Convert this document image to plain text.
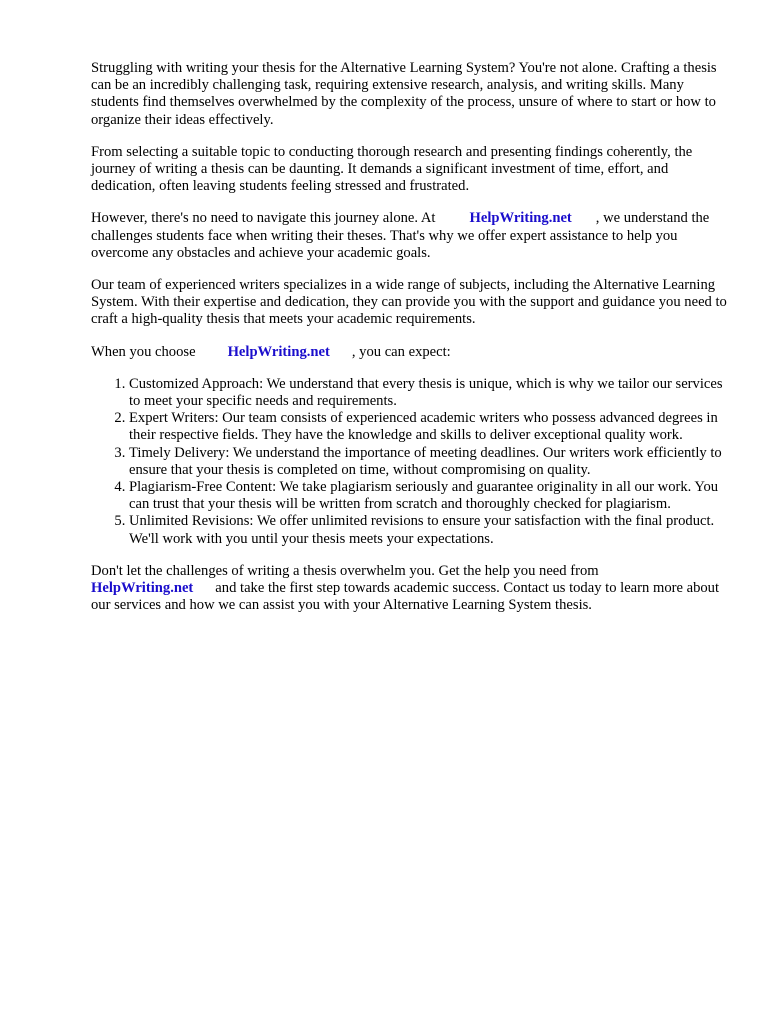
Struggling with writing your thesis for the Alternative Learning System? You're not alone. Crafting a thesis can be an incredibly challenging task, requiring extensive research, analysis, and writing skills. Many students find themselves overwhelmed by the complexity of the process, unsure of where to start or how to organize their ideas effectively.

From selecting a suitable topic to conducting thorough research and presenting findings coherently, the journey of writing a thesis can be daunting. It demands a significant investment of time, effort, and dedication, often leaving students feeling stressed and frustrated.

However, there's no need to navigate this journey alone. At HelpWriting.net , we understand the challenges students face when writing their theses. That's why we offer expert assistance to help you overcome any obstacles and achieve your academic goals.

Our team of experienced writers specializes in a wide range of subjects, including the Alternative Learning System. With their expertise and dedication, they can provide you with the support and guidance you need to craft a high-quality thesis that meets your academic requirements.

When you choose HelpWriting.net , you can expect:

1. Customized Approach: We understand that every thesis is unique, which is why we tailor our services to meet your specific needs and requirements.
2. Expert Writers: Our team consists of experienced academic writers who possess advanced degrees in their respective fields. They have the knowledge and skills to deliver exceptional quality work.
3. Timely Delivery: We understand the importance of meeting deadlines. Our writers work efficiently to ensure that your thesis is completed on time, without compromising on quality.
4. Plagiarism-Free Content: We take plagiarism seriously and guarantee originality in all our work. You can trust that your thesis will be written from scratch and thoroughly checked for plagiarism.
5. Unlimited Revisions: We offer unlimited revisions to ensure your satisfaction with the final product. We'll work with you until your thesis meets your expectations.

Don't let the challenges of writing a thesis overwhelm you. Get the help you need from HelpWriting.net and take the first step towards academic success. Contact us today to learn more about our services and how we can assist you with your Alternative Learning System thesis.
